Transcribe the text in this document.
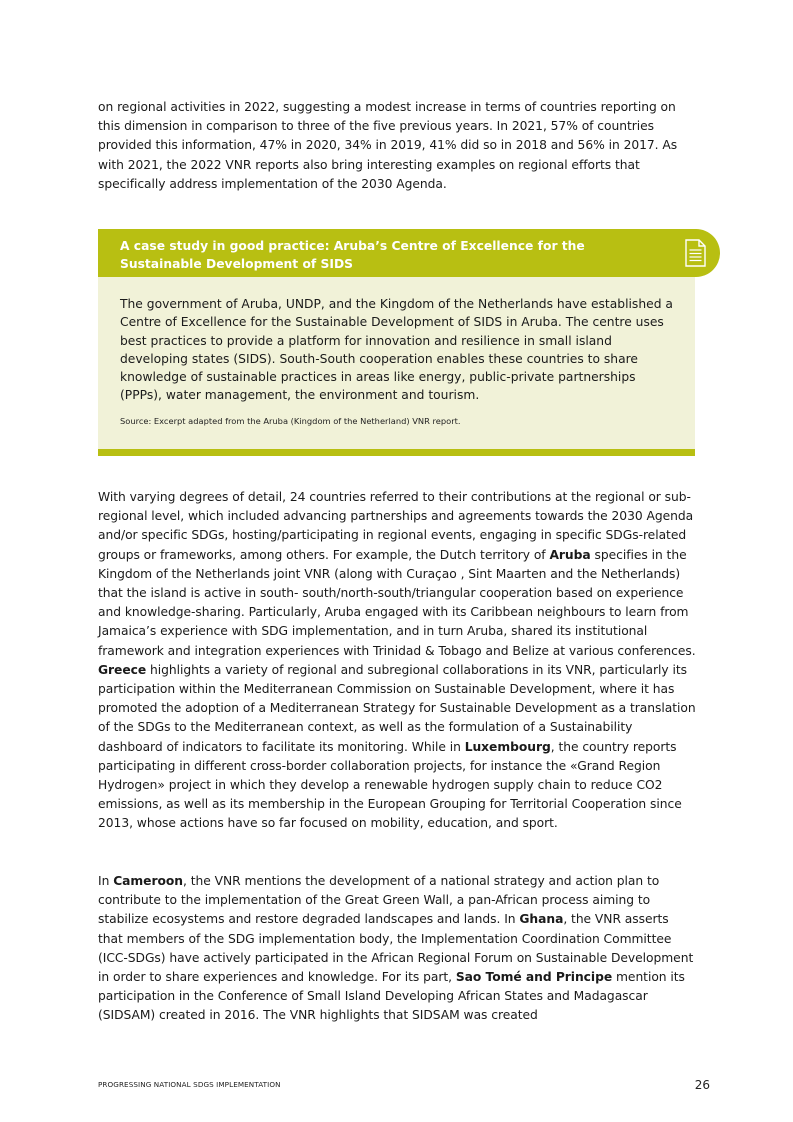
on regional activities in 2022, suggesting a modest increase in terms of countries reporting on this dimension in comparison to three of the five previous years. In 2021, 57% of countries provided this information, 47% in 2020, 34% in 2019, 41% did so in 2018 and 56% in 2017. As with 2021, the 2022 VNR reports also bring interesting examples on regional efforts that specifically address implementation of the 2030 Agenda.

A case study in good practice: Aruba’s Centre of Excellence for the Sustainable Development of SIDS
The government of Aruba, UNDP, and the Kingdom of the Netherlands have established a Centre of Excellence for the Sustainable Development of SIDS in Aruba. The centre uses best practices to provide a platform for innovation and resilience in small island developing states (SIDS). South-South cooperation enables these countries to share knowledge of sustainable practices in areas like energy, public-private partnerships (PPPs), water management, the environment and tourism.
Source: Excerpt adapted from the Aruba (Kingdom of the Netherland) VNR report.

With varying degrees of detail, 24 countries referred to their contributions at the regional or sub-regional level, which included advancing partnerships and agreements towards the 2030 Agenda and/or specific SDGs, hosting/participating in regional events, engaging in specific SDGs-related groups or frameworks, among others. For example, the Dutch territory of Aruba specifies in the Kingdom of the Netherlands joint VNR (along with Curaçao , Sint Maarten and the Netherlands) that the island is active in south- south/north-south/triangular cooperation based on experience and knowledge-sharing. Particularly, Aruba engaged with its Caribbean neighbours to learn from Jamaica’s experience with SDG implementation, and in turn Aruba, shared its institutional framework and integration experiences with Trinidad & Tobago and Belize at various conferences. Greece highlights a variety of regional and subregional collaborations in its VNR, particularly its participation within the Mediterranean Commission on Sustainable Development, where it has promoted the adoption of a Mediterranean Strategy for Sustainable Development as a translation of the SDGs to the Mediterranean context, as well as the formulation of a Sustainability dashboard of indicators to facilitate its monitoring. While in Luxembourg, the country reports participating in different cross-border collaboration projects, for instance the «Grand Region Hydrogen» project in which they develop a renewable hydrogen supply chain to reduce CO2 emissions, as well as its membership in the European Grouping for Territorial Cooperation since 2013, whose actions have so far focused on mobility, education, and sport.

In Cameroon, the VNR mentions the development of a national strategy and action plan to contribute to the implementation of the Great Green Wall, a pan-African process aiming to stabilize ecosystems and restore degraded landscapes and lands. In Ghana, the VNR asserts that members of the SDG implementation body, the Implementation Coordination Committee (ICC-SDGs) have actively participated in the African Regional Forum on Sustainable Development in order to share experiences and knowledge. For its part, Sao Tomé and Principe mention its participation in the Conference of Small Island Developing African States and Madagascar (SIDSAM) created in 2016. The VNR highlights that SIDSAM was created

PROGRESSING NATIONAL SDGS IMPLEMENTATION	26
